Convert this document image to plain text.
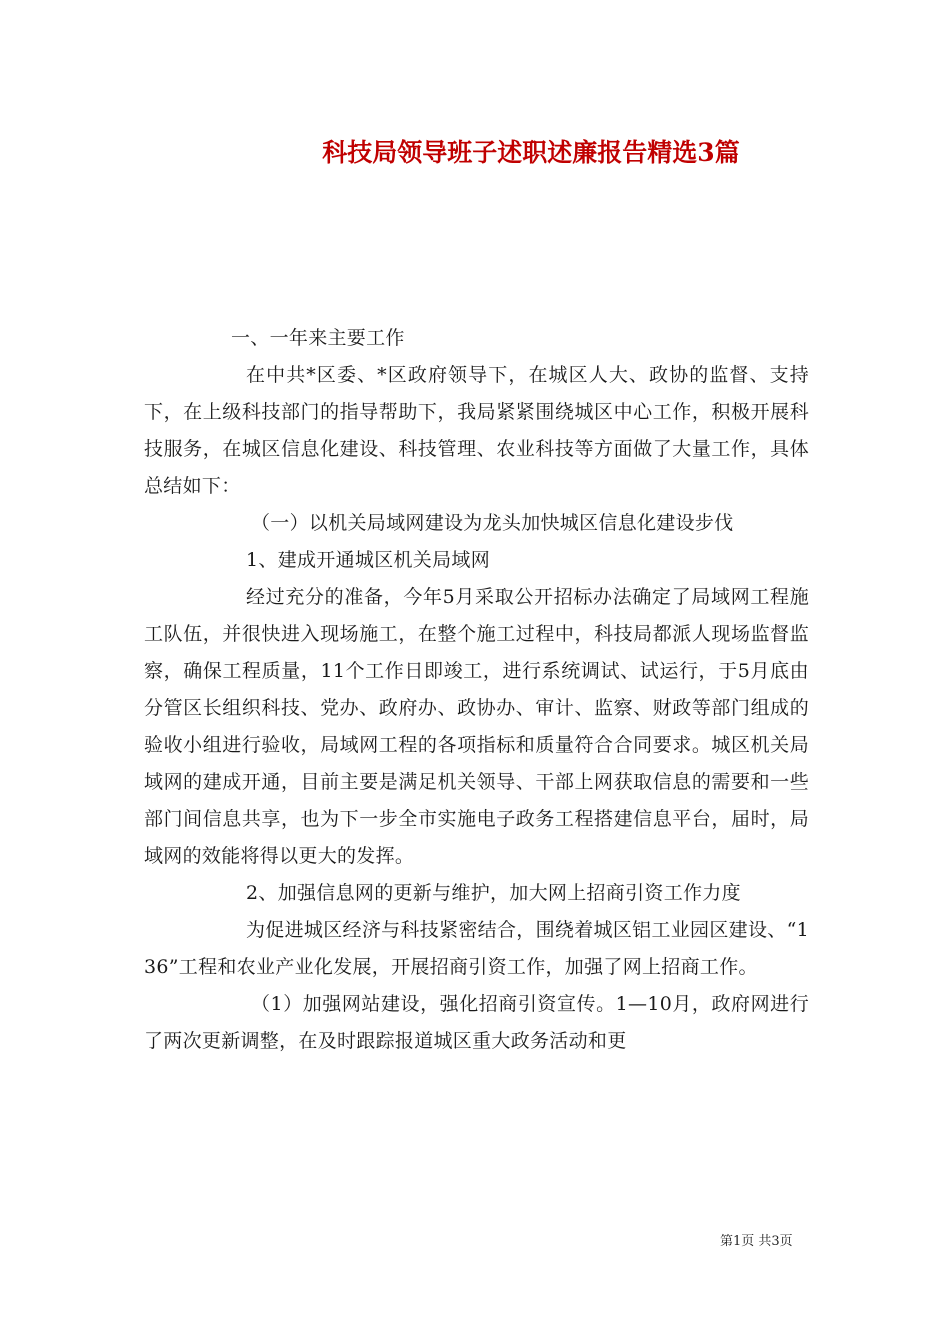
科技局领导班子述职述廉报告精选3篇

一、一年来主要工作

在中共*区委、*区政府领导下，在城区人大、政协的监督、支持下，在上级科技部门的指导帮助下，我局紧紧围绕城区中心工作，积极开展科技服务，在城区信息化建设、科技管理、农业科技等方面做了大量工作，具体总结如下：

（一）以机关局域网建设为龙头加快城区信息化建设步伐

1、建成开通城区机关局域网

经过充分的准备，今年5月采取公开招标办法确定了局域网工程施工队伍，并很快进入现场施工，在整个施工过程中，科技局都派人现场监督监察，确保工程质量，11个工作日即竣工，进行系统调试、试运行，于5月底由分管区长组织科技、党办、政府办、政协办、审计、监察、财政等部门组成的验收小组进行验收，局域网工程的各项指标和质量符合合同要求。城区机关局域网的建成开通，目前主要是满足机关领导、干部上网获取信息的需要和一些部门间信息共享，也为下一步全市实施电子政务工程搭建信息平台，届时，局域网的效能将得以更大的发挥。

2、加强信息网的更新与维护，加大网上招商引资工作力度

为促进城区经济与科技紧密结合，围绕着城区铝工业园区建设、“136”工程和农业产业化发展，开展招商引资工作，加强了网上招商工作。

（1）加强网站建设，强化招商引资宣传。1—10月，政府网进行了两次更新调整，在及时跟踪报道城区重大政务活动和更

第1页 共3页
